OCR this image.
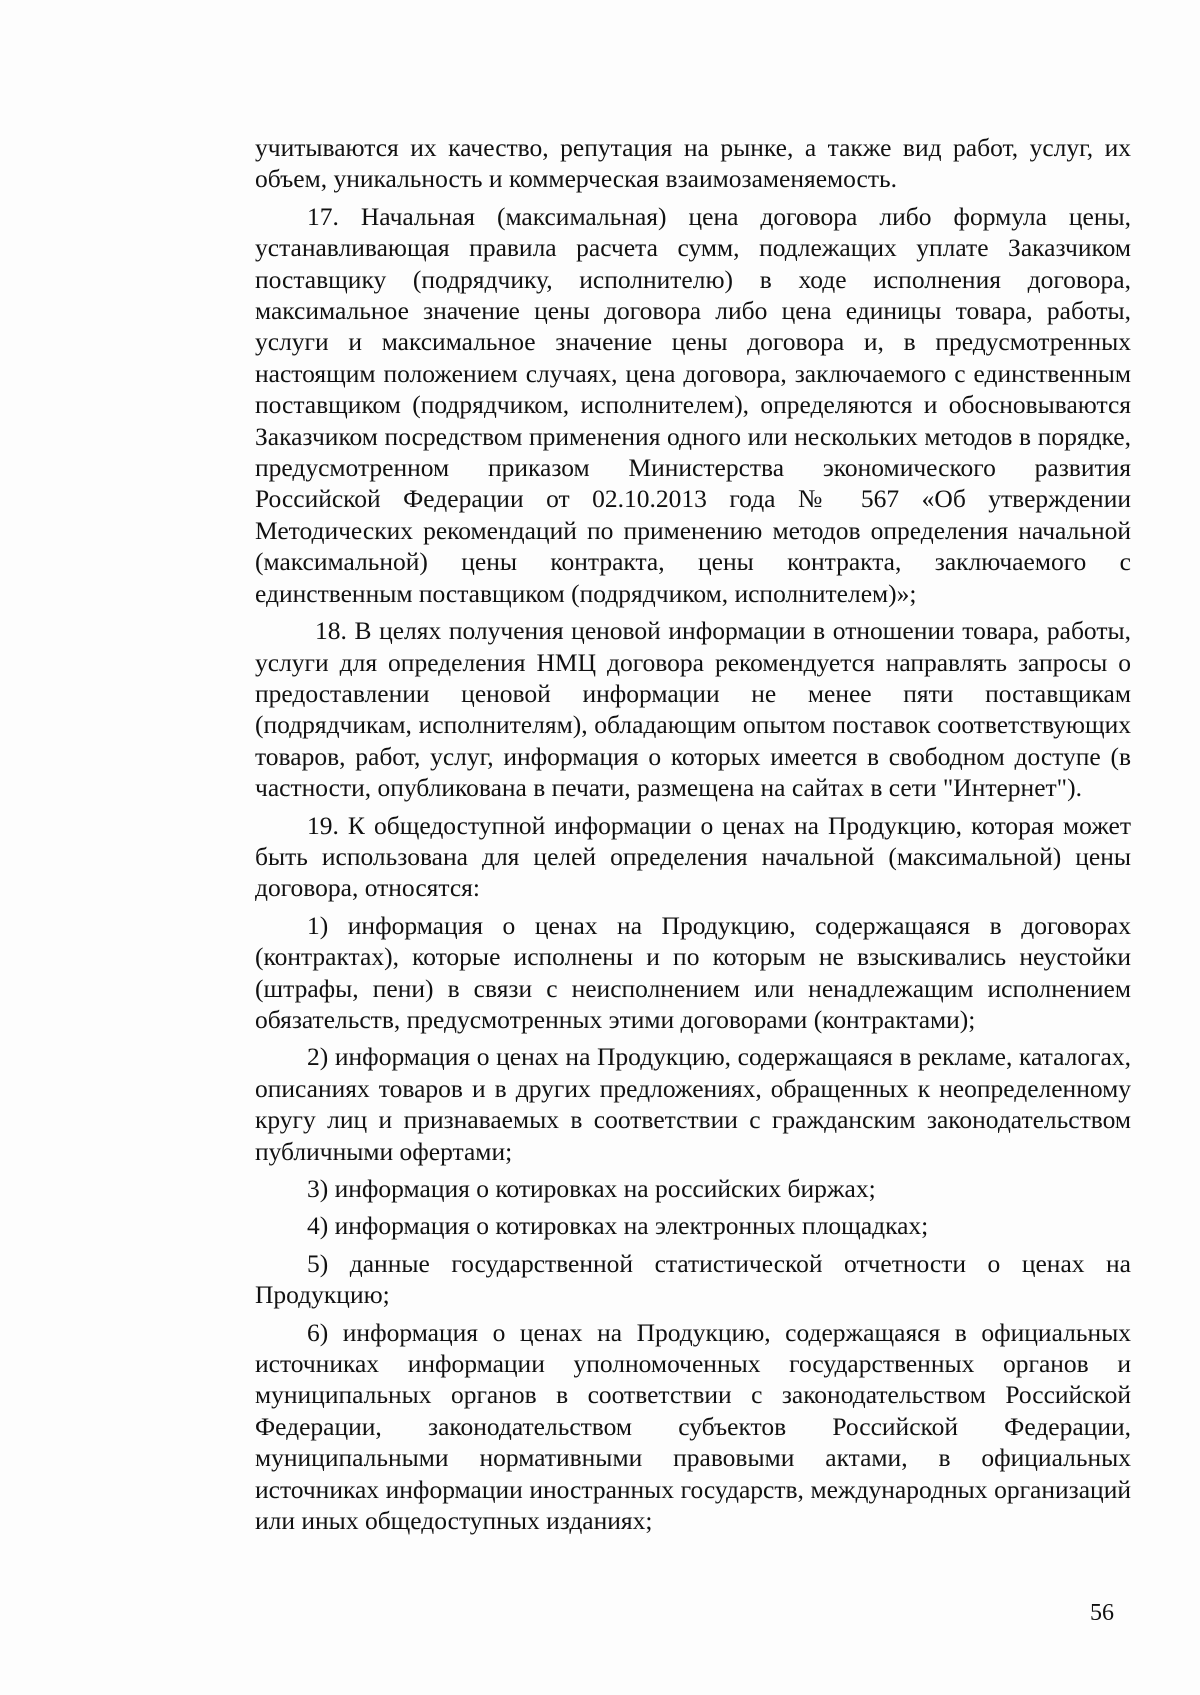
учитываются их качество, репутация на рынке, а также вид работ, услуг, их объем, уникальность и коммерческая взаимозаменяемость.

17. Начальная (максимальная) цена договора либо формула цены, устанавливающая правила расчета сумм, подлежащих уплате Заказчиком поставщику (подрядчику, исполнителю) в ходе исполнения договора, максимальное значение цены договора либо цена единицы товара, работы, услуги и максимальное значение цены договора и, в предусмотренных настоящим положением случаях, цена договора, заключаемого с единственным поставщиком (подрядчиком, исполнителем), определяются и обосновываются Заказчиком посредством применения одного или нескольких методов в порядке, предусмотренном приказом Министерства экономического развития Российской Федерации от 02.10.2013 года № 567 «Об утверждении Методических рекомендаций по применению методов определения начальной (максимальной) цены контракта, цены контракта, заключаемого с единственным поставщиком (подрядчиком, исполнителем)»;

18. В целях получения ценовой информации в отношении товара, работы, услуги для определения НМЦ договора рекомендуется направлять запросы о предоставлении ценовой информации не менее пяти поставщикам (подрядчикам, исполнителям), обладающим опытом поставок соответствующих товаров, работ, услуг, информация о которых имеется в свободном доступе (в частности, опубликована в печати, размещена на сайтах в сети "Интернет").

19. К общедоступной информации о ценах на Продукцию, которая может быть использована для целей определения начальной (максимальной) цены договора, относятся:

1) информация о ценах на Продукцию, содержащаяся в договорах (контрактах), которые исполнены и по которым не взыскивались неустойки (штрафы, пени) в связи с неисполнением или ненадлежащим исполнением обязательств, предусмотренных этими договорами (контрактами);

2) информация о ценах на Продукцию, содержащаяся в рекламе, каталогах, описаниях товаров и в других предложениях, обращенных к неопределенному кругу лиц и признаваемых в соответствии с гражданским законодательством публичными офертами;

3) информация о котировках на российских биржах;

4) информация о котировках на электронных площадках;

5) данные государственной статистической отчетности о ценах на Продукцию;

6) информация о ценах на Продукцию, содержащаяся в официальных источниках информации уполномоченных государственных органов и муниципальных органов в соответствии с законодательством Российской Федерации, законодательством субъектов Российской Федерации, муниципальными нормативными правовыми актами, в официальных источниках информации иностранных государств, международных организаций или иных общедоступных изданиях;

56
